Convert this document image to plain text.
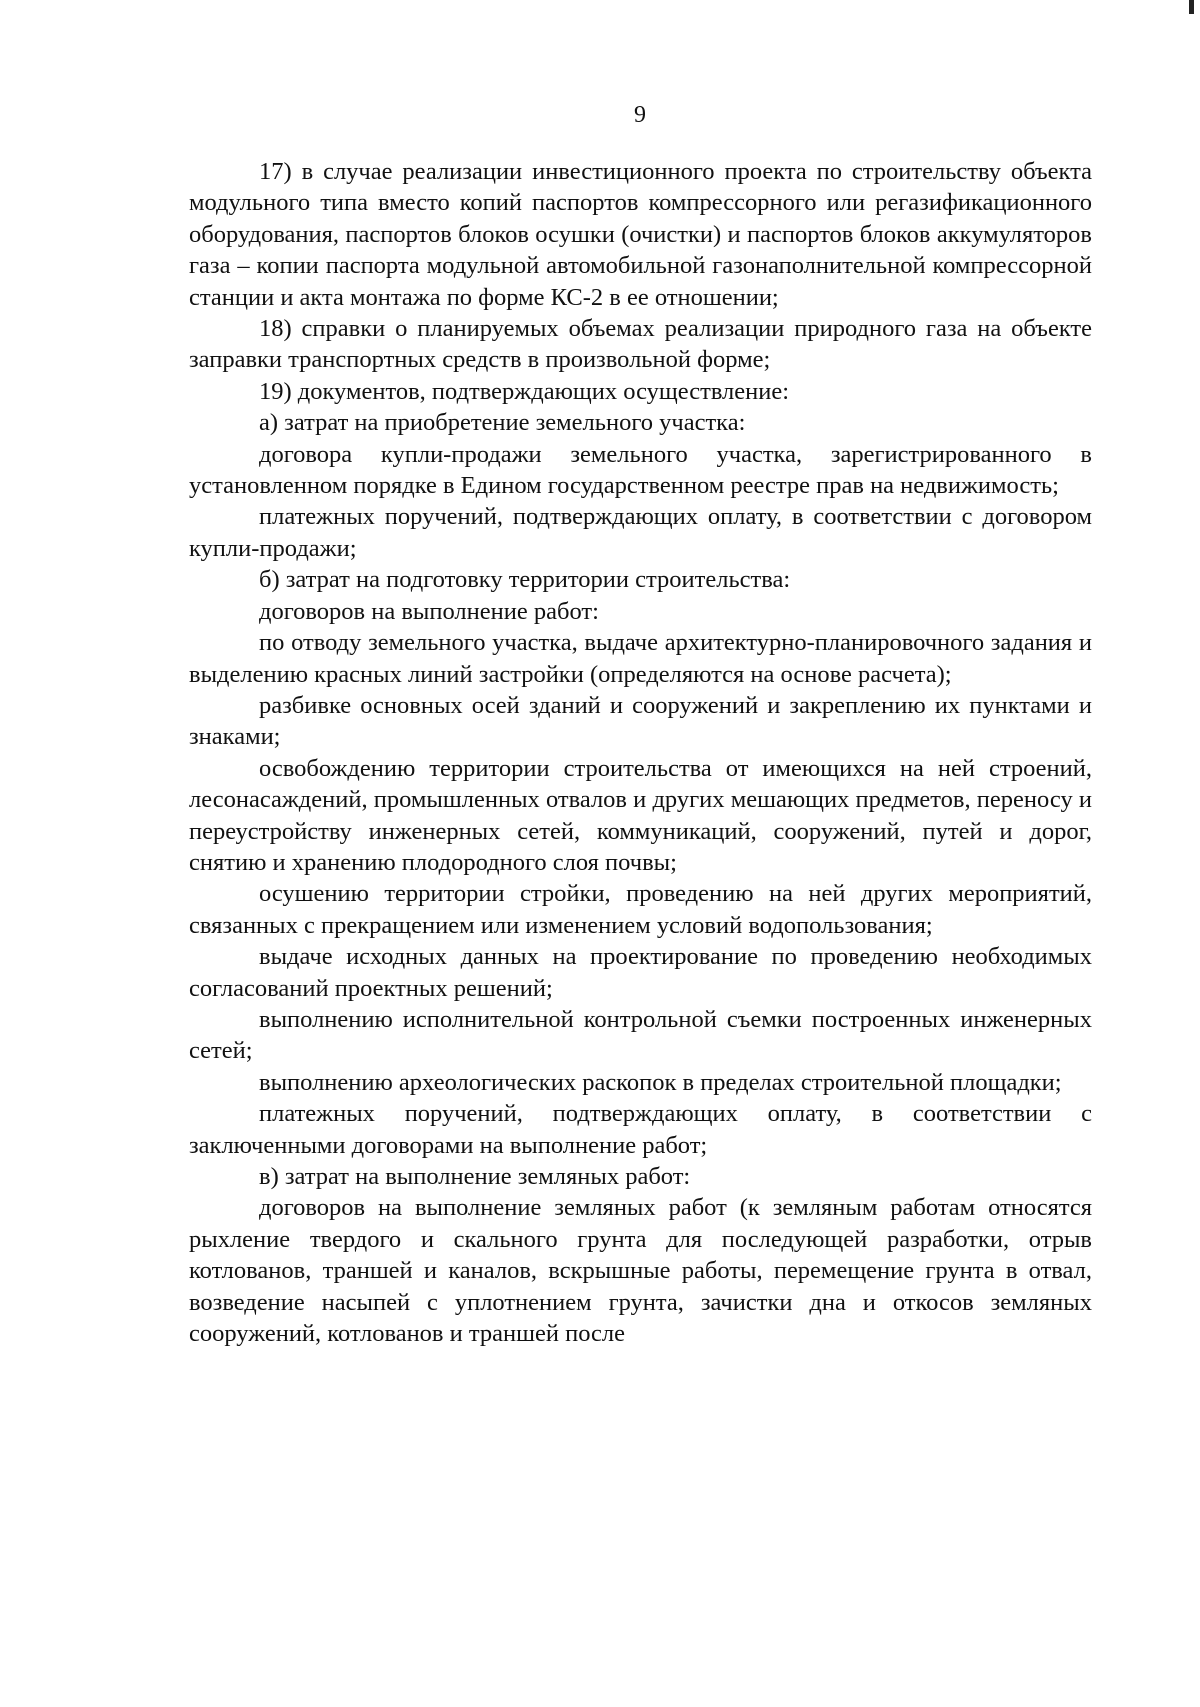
9

17) в случае реализации инвестиционного проекта по строительству объекта модульного типа вместо копий паспортов компрессорного или регазификационного оборудования, паспортов блоков осушки (очистки) и паспортов блоков аккумуляторов газа – копии паспорта модульной автомобильной газонаполнительной компрессорной станции и акта монтажа по форме КС-2 в ее отношении;

18) справки о планируемых объемах реализации природного газа на объекте заправки транспортных средств в произвольной форме;

19) документов, подтверждающих осуществление:

а) затрат на приобретение земельного участка:

договора купли-продажи земельного участка, зарегистрированного в установленном порядке в Едином государственном реестре прав на недвижимость;

платежных поручений, подтверждающих оплату, в соответствии с договором купли-продажи;

б) затрат на подготовку территории строительства:

договоров на выполнение работ:

по отводу земельного участка, выдаче архитектурно-планировочного задания и выделению красных линий застройки (определяются на основе расчета);

разбивке основных осей зданий и сооружений и закреплению их пунктами и знаками;

освобождению территории строительства от имеющихся на ней строений, лесонасаждений, промышленных отвалов и других мешающих предметов, переносу и переустройству инженерных сетей, коммуникаций, сооружений, путей и дорог, снятию и хранению плодородного слоя почвы;

осушению территории стройки, проведению на ней других мероприятий, связанных с прекращением или изменением условий водопользования;

выдаче исходных данных на проектирование по проведению необходимых согласований проектных решений;

выполнению исполнительной контрольной съемки построенных инженерных сетей;

выполнению археологических раскопок в пределах строительной площадки;

платежных поручений, подтверждающих оплату, в соответствии с заключенными договорами на выполнение работ;

в) затрат на выполнение земляных работ:

договоров на выполнение земляных работ (к земляным работам относятся рыхление твердого и скального грунта для последующей разработки, отрыв котлованов, траншей и каналов, вскрышные работы, перемещение грунта в отвал, возведение насыпей с уплотнением грунта, зачистки дна и откосов земляных сооружений, котлованов и траншей после
